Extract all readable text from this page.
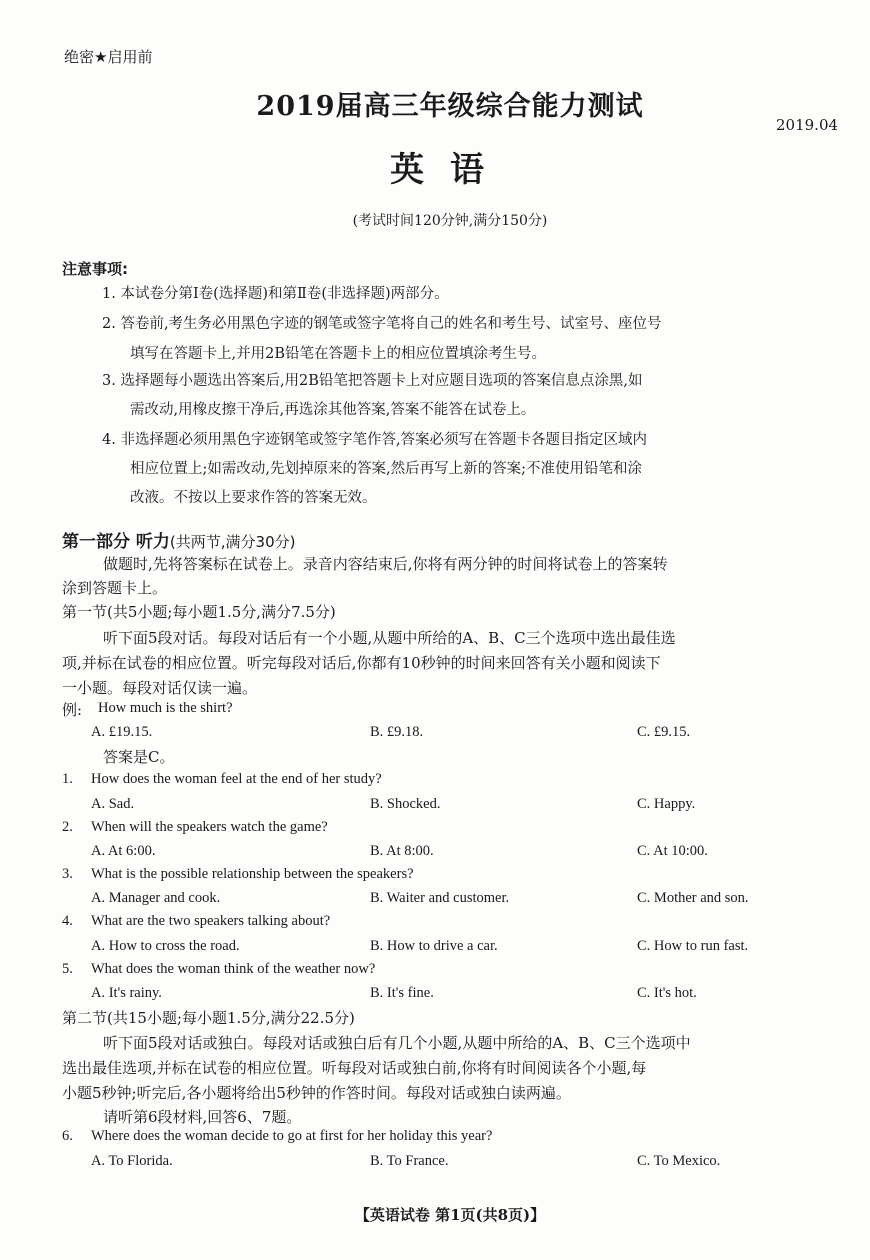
绝密★启用前
2019届高三年级综合能力测试
2019.04
英语
(考试时间120分钟,满分150分)
注意事项:
1. 本试卷分第Ⅰ卷(选择题)和第Ⅱ卷(非选择题)两部分。
2. 答卷前,考生务必用黑色字迹的钢笔或签字笔将自己的姓名和考生号、试室号、座位号
填写在答题卡上,并用2B铅笔在答题卡上的相应位置填涂考生号。
3. 选择题每小题选出答案后,用2B铅笔把答题卡上对应题目选项的答案信息点涂黑,如
需改动,用橡皮擦干净后,再选涂其他答案,答案不能答在试卷上。
4. 非选择题必须用黑色字迹钢笔或签字笔作答,答案必须写在答题卡各题目指定区域内
相应位置上;如需改动,先划掉原来的答案,然后再写上新的答案;不准使用铅笔和涂
改液。不按以上要求作答的答案无效。
第一部分 听力(共两节,满分30分)
做题时,先将答案标在试卷上。录音内容结束后,你将有两分钟的时间将试卷上的答案转
涂到答题卡上。
第一节(共5小题;每小题1.5分,满分7.5分)
听下面5段对话。每段对话后有一个小题,从题中所给的A、B、C三个选项中选出最佳选
项,并标在试卷的相应位置。听完每段对话后,你都有10秒钟的时间来回答有关小题和阅读下
一小题。每段对话仅读一遍。
例: How much is the shirt?
A. £19.15.	B. £9.18.	C. £9.15.
答案是C。
1. How does the woman feel at the end of her study?
A. Sad.	B. Shocked.	C. Happy.
2. When will the speakers watch the game?
A. At 6:00.	B. At 8:00.	C. At 10:00.
3. What is the possible relationship between the speakers?
A. Manager and cook.	B. Waiter and customer.	C. Mother and son.
4. What are the two speakers talking about?
A. How to cross the road.	B. How to drive a car.	C. How to run fast.
5. What does the woman think of the weather now?
A. It's rainy.	B. It's fine.	C. It's hot.
第二节(共15小题;每小题1.5分,满分22.5分)
听下面5段对话或独白。每段对话或独白后有几个小题,从题中所给的A、B、C三个选项中
选出最佳选项,并标在试卷的相应位置。听每段对话或独白前,你将有时间阅读各个小题,每
小题5秒钟;听完后,各小题将给出5秒钟的作答时间。每段对话或独白读两遍。
请听第6段材料,回答6、7题。
6. Where does the woman decide to go at first for her holiday this year?
A. To Florida.	B. To France.	C. To Mexico.
【英语试卷 第1页(共8页)】
